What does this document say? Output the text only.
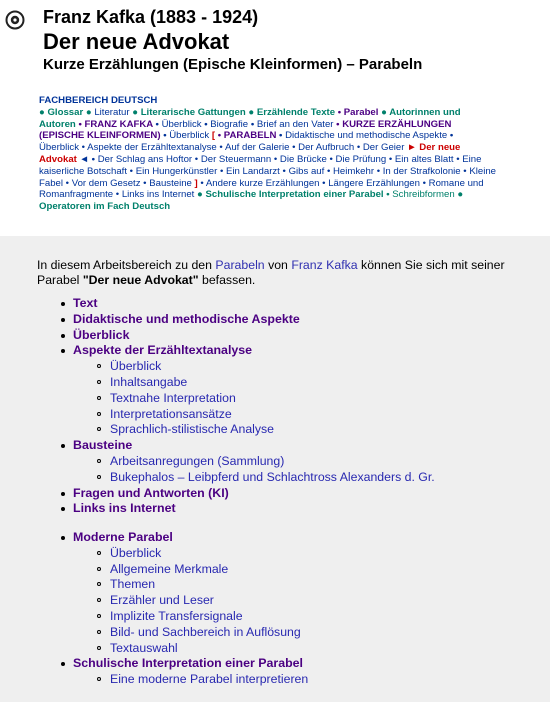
Franz Kafka (1883 - 1924)
Der neue Advokat
Kurze Erzählungen (Epische Kleinformen) – Parabeln
FACHBEREICH DEUTSCH
● Glossar ● Literatur ● Literarische Gattungen ● Erzählende Texte • Parabel ● Autorinnen und
Autoren • FRANZ KAFKA • Überblick • Biografie • Brief an den Vater • KURZE ERZÄHLUNGEN
(EPISCHE KLEINFORMEN) • Überblick [ • PARABELN • Didaktische und methodische Aspekte •
Überblick • Aspekte der Erzähltextanalyse • Auf der Galerie • Der Aufbruch • Der Geier ► Der neue
Advokat ◄ • Der Schlag ans Hoftor • Der Steuermann • Die Brücke • Die Prüfung • Ein altes Blatt • Eine
kaiserliche Botschaft • Ein Hungerkünstler • Ein Landarzt • Gibs auf • Heimkehr • In der Strafkolonie • Kleine
Fabel • Vor dem Gesetz • Bausteine ] • Andere kurze Erzählungen • Längere Erzählungen • Romane und
Romanfragmente • Links ins Internet ● Schulische Interpretation einer Parabel • Schreibformen ●
Operatoren im Fach Deutsch
In diesem Arbeitsbereich zu den Parabeln von Franz Kafka können Sie sich mit seiner Parabel "Der neue Advokat" befassen.
Text
Didaktische und methodische Aspekte
Überblick
Aspekte der Erzähltextanalyse
Überblick
Inhaltsangabe
Textnahe Interpretation
Interpretationsansätze
Sprachlich-stilistische Analyse
Bausteine
Arbeitsanregungen (Sammlung)
Bukephalos – Leibpferd und Schlachtross Alexanders d. Gr.
Fragen und Antworten (KI)
Links ins Internet
Moderne Parabel
Überblick
Allgemeine Merkmale
Themen
Erzähler und Leser
Implizite Transfersignale
Bild- und Sachbereich in Auflösung
Textauswahl
Schulische Interpretation einer Parabel
Eine moderne Parabel interpretieren
